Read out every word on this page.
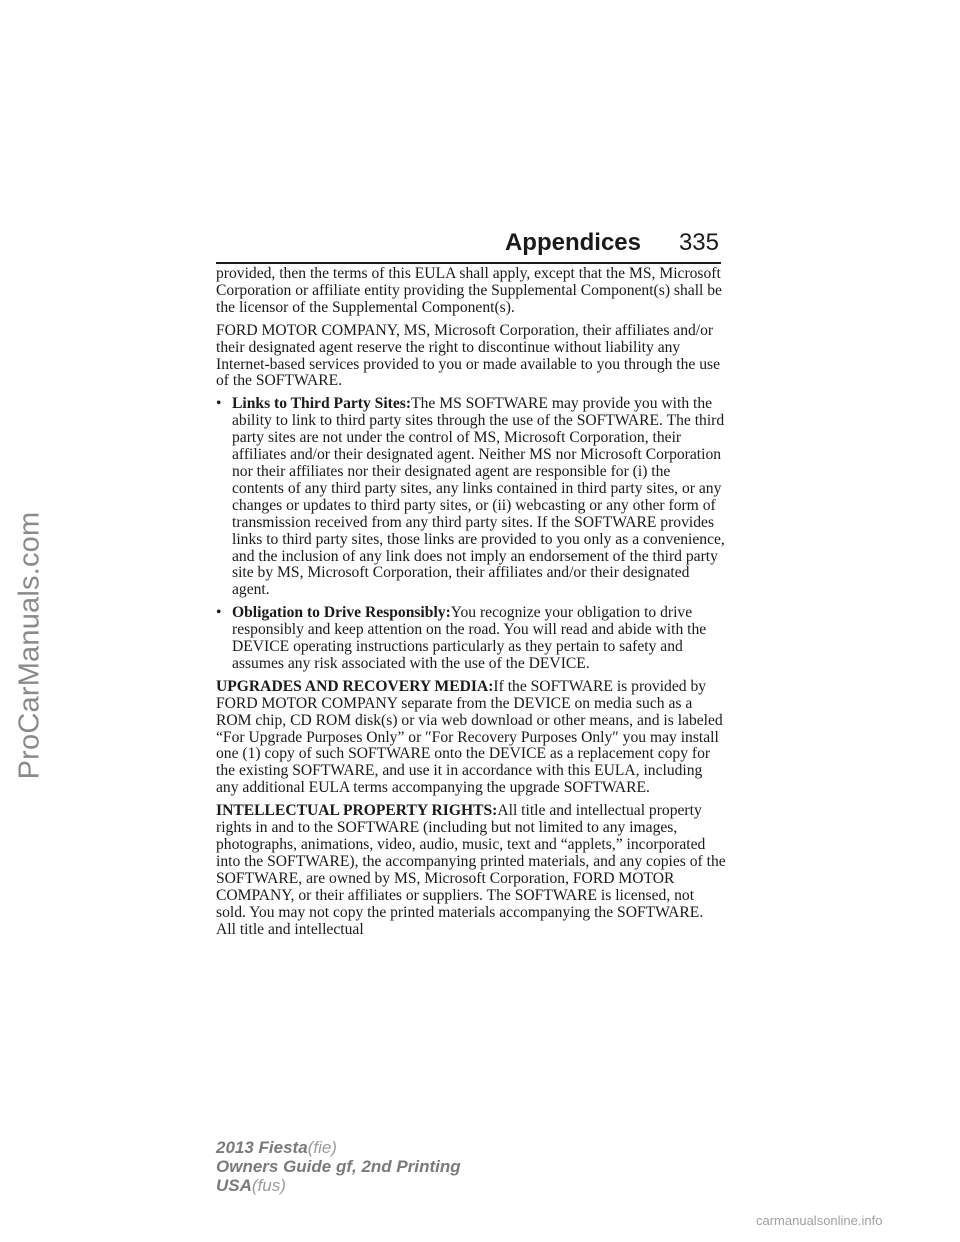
ProCarManuals.com
Appendices 335

provided, then the terms of this EULA shall apply, except that the MS, Microsoft Corporation or affiliate entity providing the Supplemental Component(s) shall be the licensor of the Supplemental Component(s).

FORD MOTOR COMPANY, MS, Microsoft Corporation, their affiliates and/or their designated agent reserve the right to discontinue without liability any Internet-based services provided to you or made available to you through the use of the SOFTWARE.

• Links to Third Party Sites:The MS SOFTWARE may provide you with the ability to link to third party sites through the use of the SOFTWARE. The third party sites are not under the control of MS, Microsoft Corporation, their affiliates and/or their designated agent. Neither MS nor Microsoft Corporation nor their affiliates nor their designated agent are responsible for (i) the contents of any third party sites, any links contained in third party sites, or any changes or updates to third party sites, or (ii) webcasting or any other form of transmission received from any third party sites. If the SOFTWARE provides links to third party sites, those links are provided to you only as a convenience, and the inclusion of any link does not imply an endorsement of the third party site by MS, Microsoft Corporation, their affiliates and/or their designated agent.
• Obligation to Drive Responsibly:You recognize your obligation to drive responsibly and keep attention on the road. You will read and abide with the DEVICE operating instructions particularly as they pertain to safety and assumes any risk associated with the use of the DEVICE.

UPGRADES AND RECOVERY MEDIA:If the SOFTWARE is provided by FORD MOTOR COMPANY separate from the DEVICE on media such as a ROM chip, CD ROM disk(s) or via web download or other means, and is labeled “For Upgrade Purposes Only” or ″For Recovery Purposes Only″ you may install one (1) copy of such SOFTWARE onto the DEVICE as a replacement copy for the existing SOFTWARE, and use it in accordance with this EULA, including any additional EULA terms accompanying the upgrade SOFTWARE.

INTELLECTUAL PROPERTY RIGHTS:All title and intellectual property rights in and to the SOFTWARE (including but not limited to any images, photographs, animations, video, audio, music, text and “applets,” incorporated into the SOFTWARE), the accompanying printed materials, and any copies of the SOFTWARE, are owned by MS, Microsoft Corporation, FORD MOTOR COMPANY, or their affiliates or suppliers. The SOFTWARE is licensed, not sold. You may not copy the printed materials accompanying the SOFTWARE. All title and intellectual

2013 Fiesta(fie)
Owners Guide gf, 2nd Printing
USA(fus)
carmanualsonline.info
